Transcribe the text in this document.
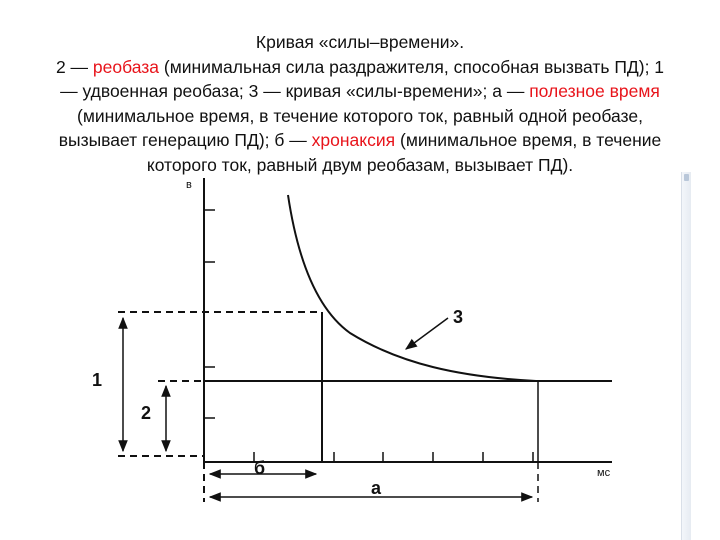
Кривая «силы–времени».
2 — реобаза (минимальная сила раздражителя, способная вызвать ПД); 1
— удвоенная реобаза; 3 — кривая «силы-времени»; а — полезное время
(минимальное время, в течение которого ток, равный одной реобазе,
вызывает генерацию ПД); б — хронаксия (минимальное время, в течение
которого ток, равный двум реобазам, вызывает ПД).
в
мс
1
2
3
б
а
